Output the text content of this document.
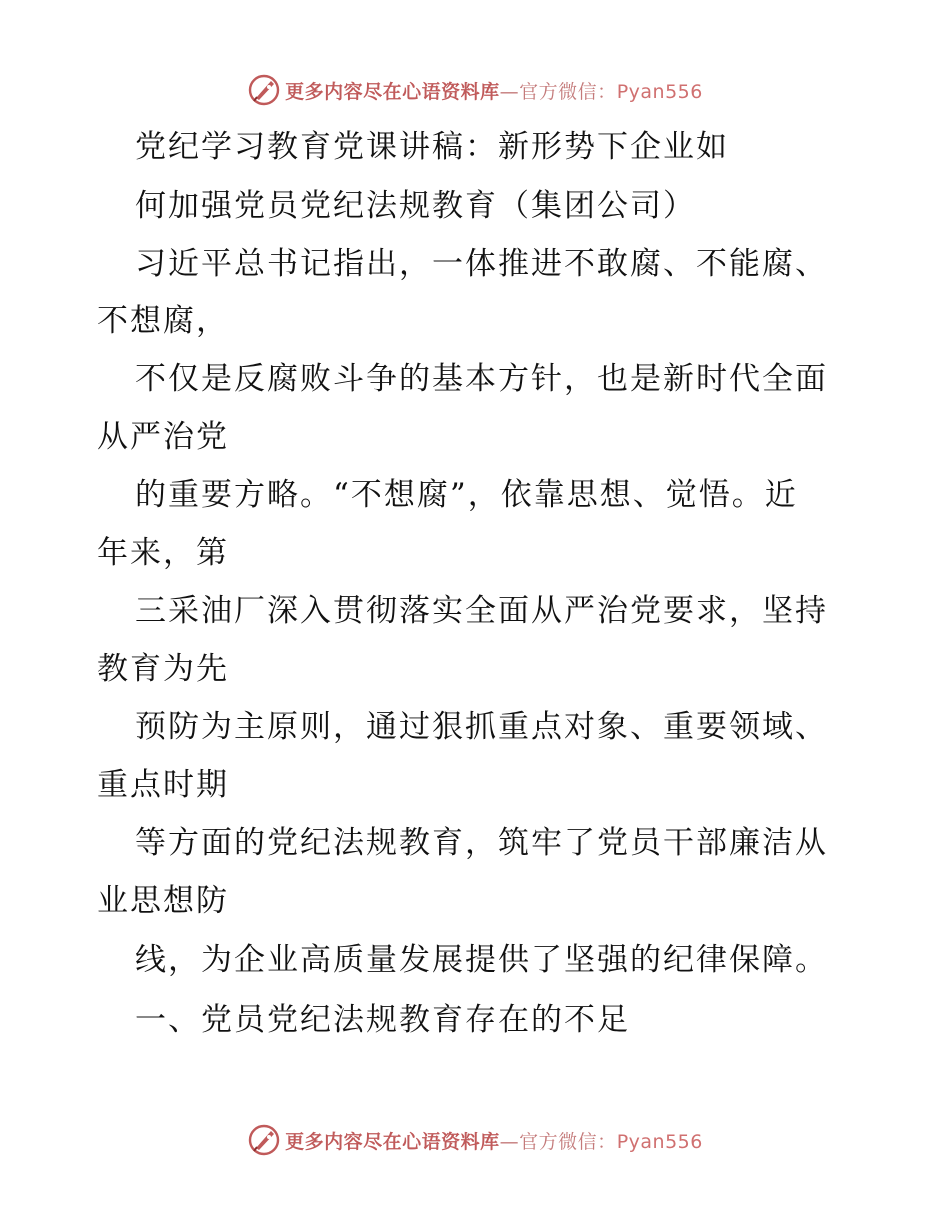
更多内容尽在心语资料库—官方微信：Pyan556
党纪学习教育党课讲稿：新形势下企业如
何加强党员党纪法规教育（集团公司）
习近平总书记指出，一体推进不敢腐、不能腐、
不想腐，
不仅是反腐败斗争的基本方针，也是新时代全面
从严治党
的重要方略。“不想腐”，依靠思想、觉悟。近
年来，第
三采油厂深入贯彻落实全面从严治党要求，坚持
教育为先
预防为主原则，通过狠抓重点对象、重要领域、
重点时期
等方面的党纪法规教育，筑牢了党员干部廉洁从
业思想防
线，为企业高质量发展提供了坚强的纪律保障。
一、党员党纪法规教育存在的不足
更多内容尽在心语资料库—官方微信：Pyan556
